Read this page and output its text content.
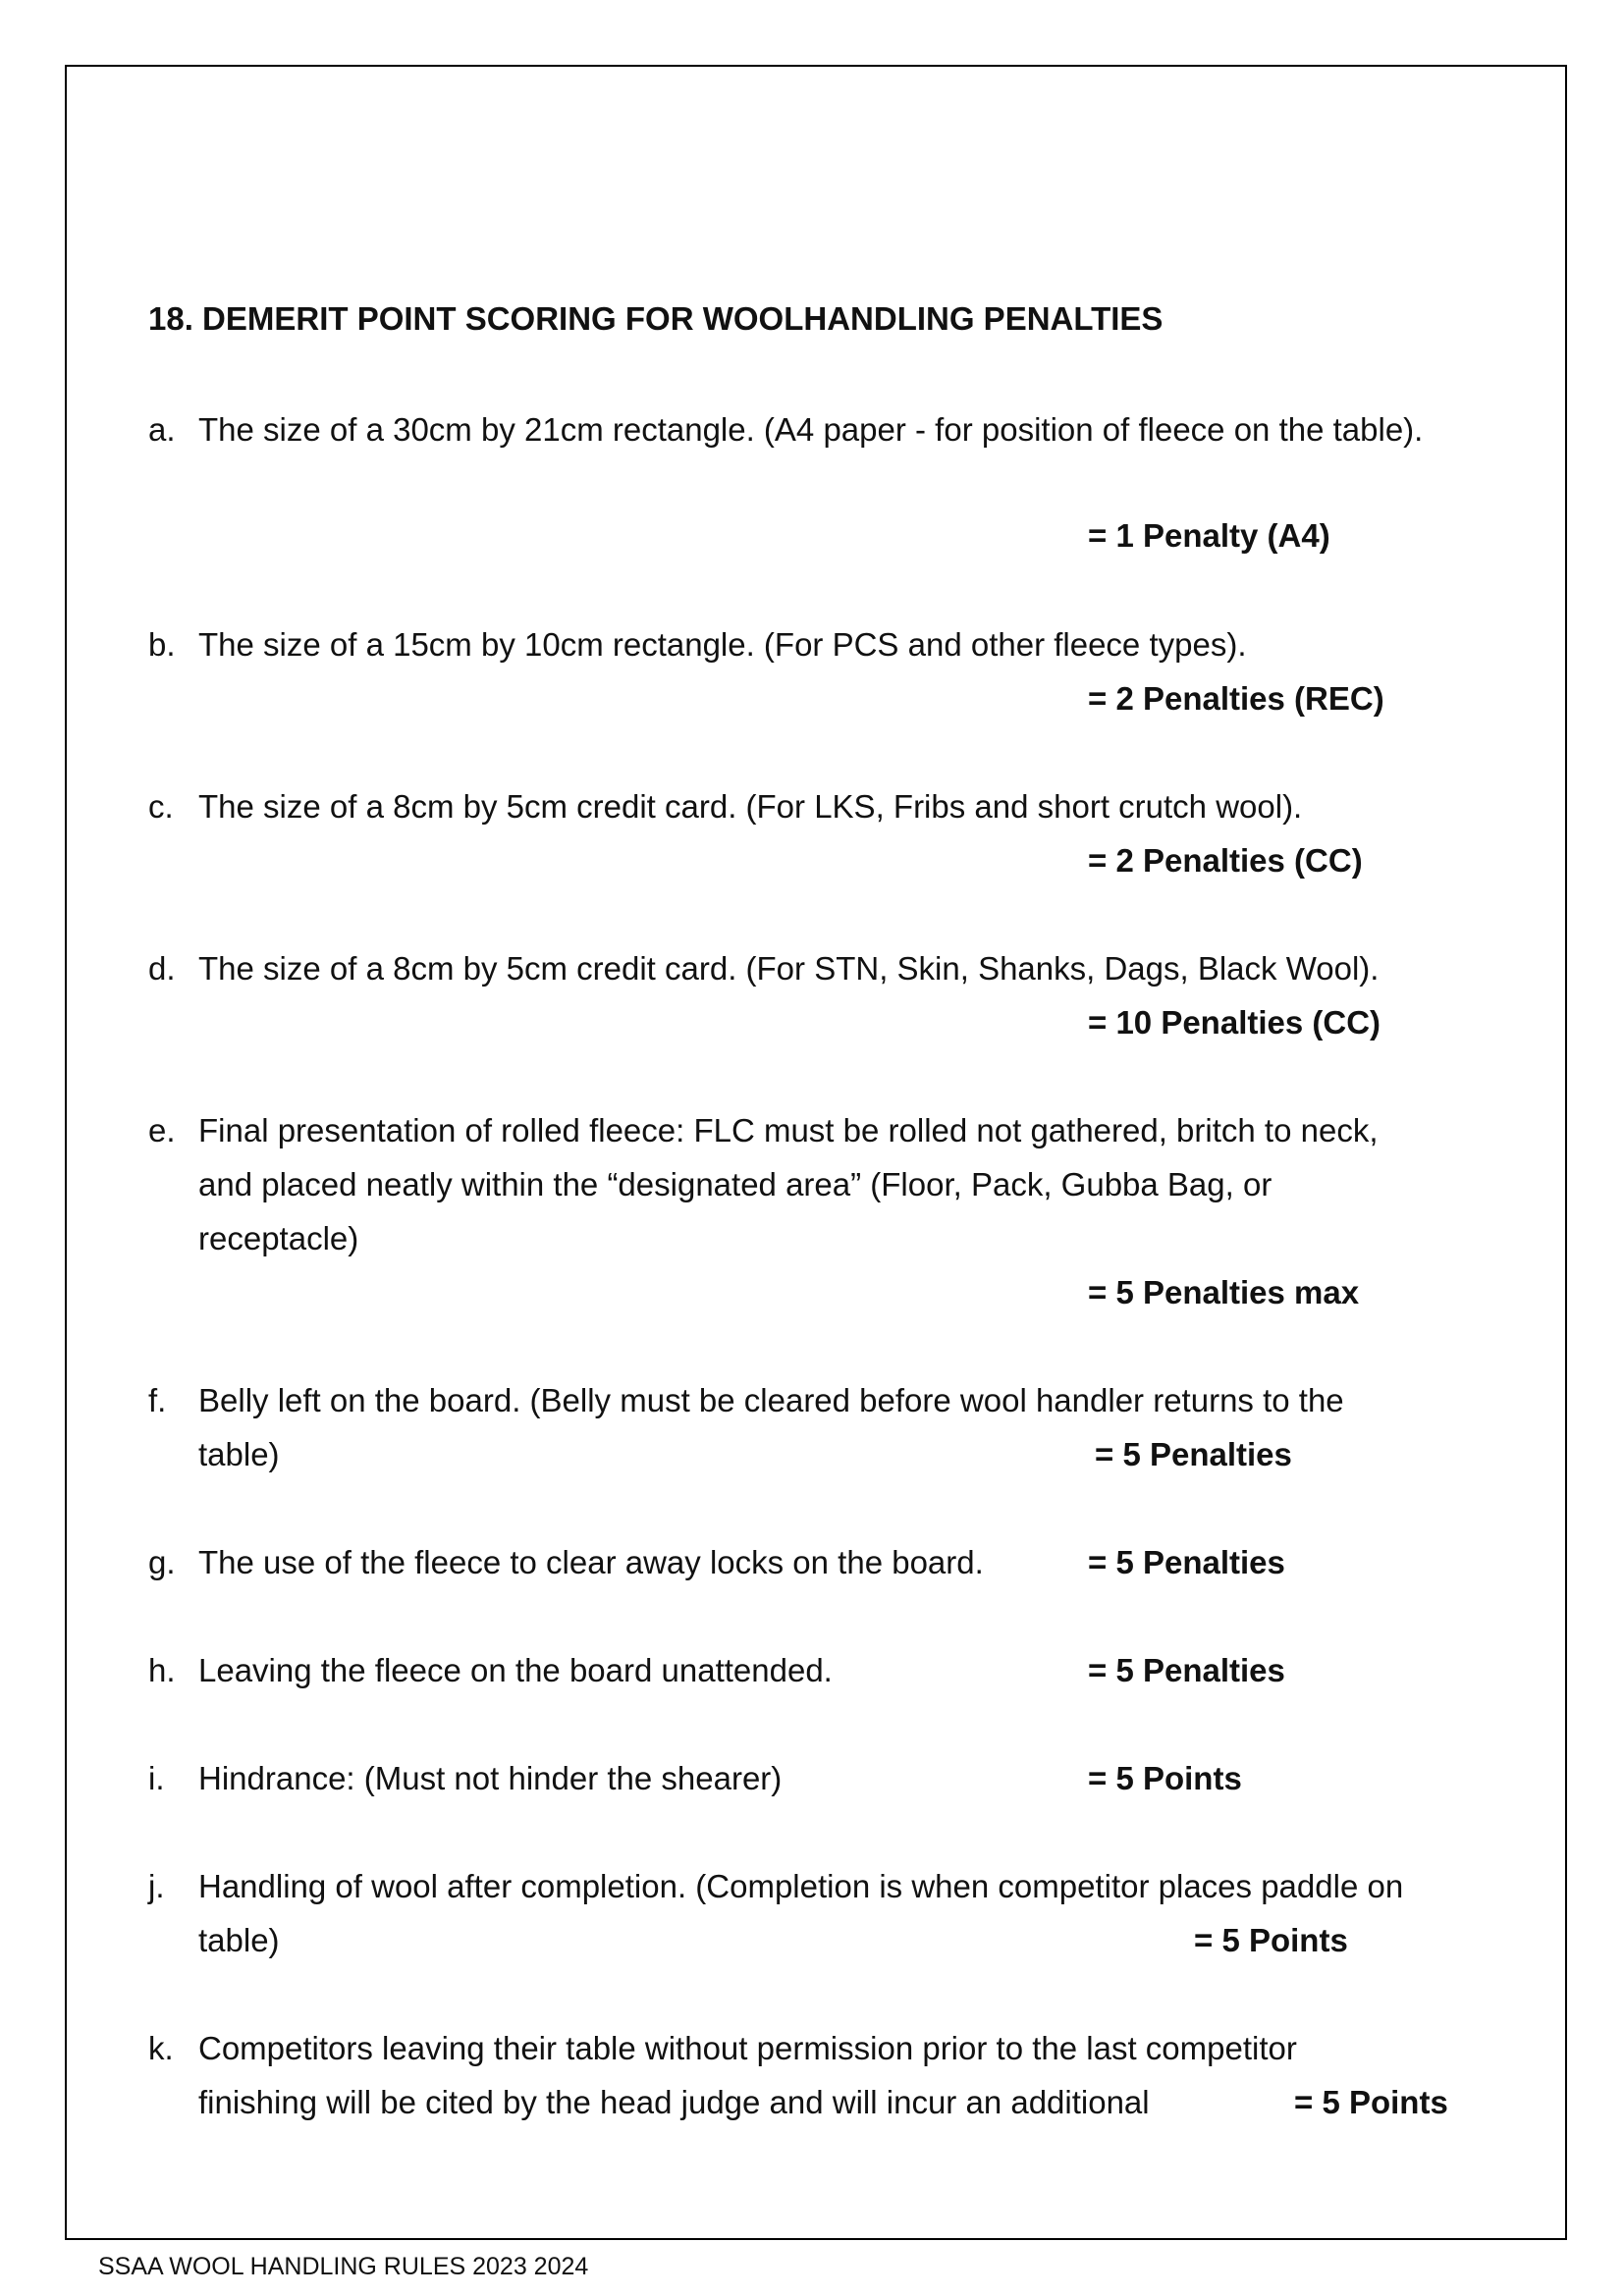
18. DEMERIT POINT SCORING FOR WOOLHANDLING PENALTIES
a. The size of a 30cm by 21cm rectangle. (A4 paper - for position of fleece on the table).
= 1 Penalty (A4)
b. The size of a 15cm by 10cm rectangle. (For PCS and other fleece types).
= 2 Penalties (REC)
c. The size of a 8cm by 5cm credit card. (For LKS, Fribs and short crutch wool).
= 2 Penalties (CC)
d. The size of a 8cm by 5cm credit card. (For STN, Skin, Shanks, Dags, Black Wool).
= 10 Penalties (CC)
e. Final presentation of rolled fleece: FLC must be rolled not gathered, britch to neck,
and placed neatly within the “designated area” (Floor, Pack, Gubba Bag, or
receptacle)
= 5 Penalties max
f. Belly left on the board. (Belly must be cleared before wool handler returns to the
table)	= 5 Penalties
g. The use of the fleece to clear away locks on the board.	= 5 Penalties
h. Leaving the fleece on the board unattended.	= 5 Penalties
i. Hindrance: (Must not hinder the shearer)	= 5 Points
j. Handling of wool after completion. (Completion is when competitor places paddle on
table)	= 5 Points
k. Competitors leaving their table without permission prior to the last competitor
finishing will be cited by the head judge and will incur an additional	= 5 Points
SSAA WOOL HANDLING RULES 2023 2024
